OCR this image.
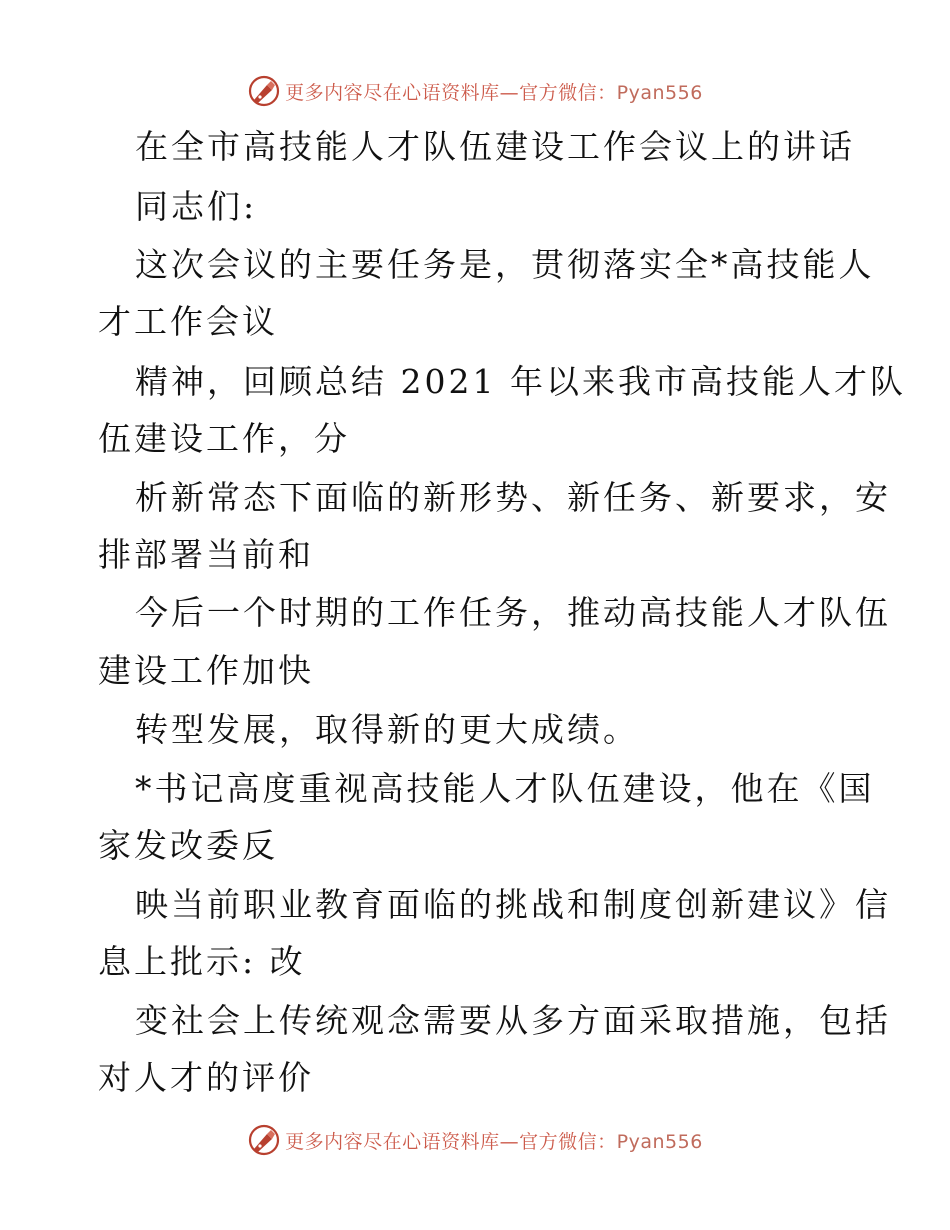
更多内容尽在心语资料库—官方微信：Pyan556
在全市高技能人才队伍建设工作会议上的讲话
同志们:
这次会议的主要任务是，贯彻落实全*高技能人
才工作会议
精神，回顾总结 2021 年以来我市高技能人才队
伍建设工作，分
析新常态下面临的新形势、新任务、新要求，安
排部署当前和
今后一个时期的工作任务，推动高技能人才队伍
建设工作加快
转型发展，取得新的更大成绩。
*书记高度重视高技能人才队伍建设，他在《国
家发改委反
映当前职业教育面临的挑战和制度创新建议》信
息上批示: 改
变社会上传统观念需要从多方面采取措施，包括
对人才的评价
更多内容尽在心语资料库—官方微信：Pyan556
